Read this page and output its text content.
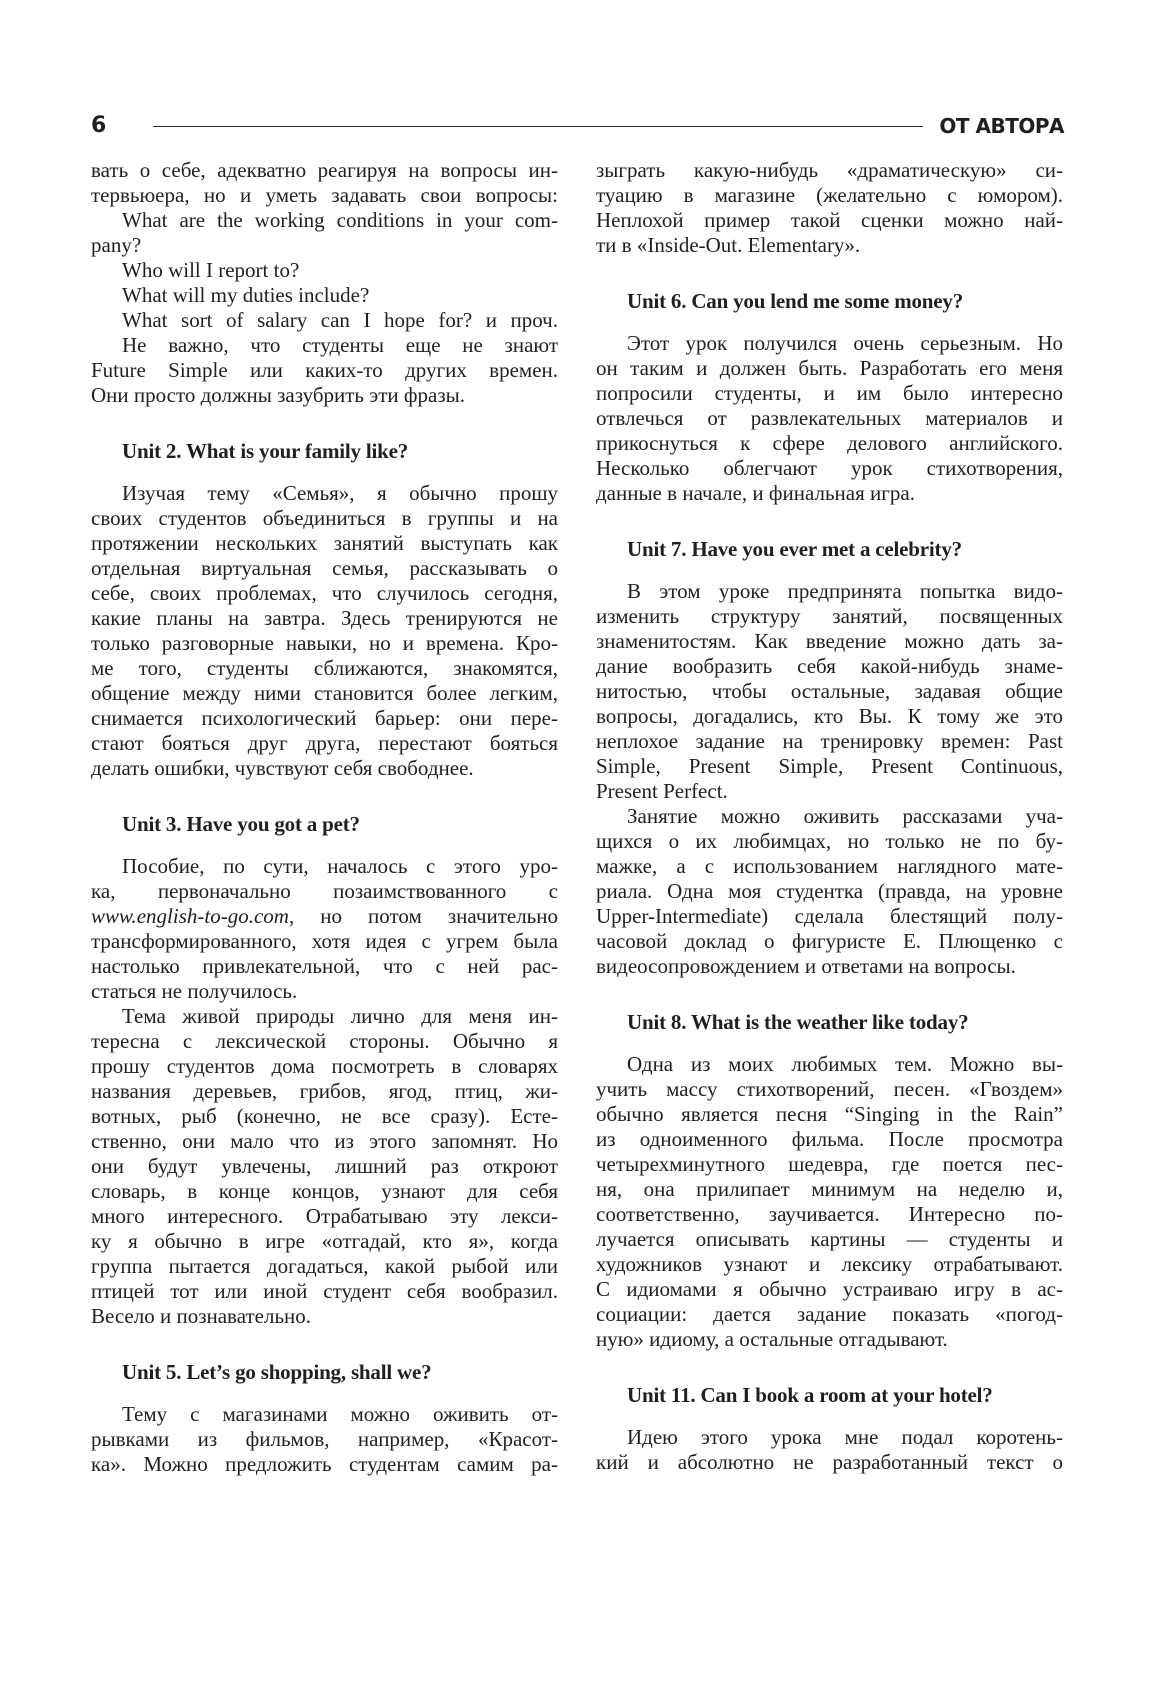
6	ОТ АВТОРА
вать о себе, адекватно реагируя на вопросы ин-
тервьюера, но и уметь задавать свои вопросы:
What are the working conditions in your com-
pany?
Who will I report to?
What will my duties include?
What sort of salary can I hope for? и проч.
Не важно, что студенты еще не знают
Future Simple или каких-то других времен.
Они просто должны зазубрить эти фразы.
Unit 2. What is your family like?
Изучая тему «Семья», я обычно прошу
своих студентов объединиться в группы и на
протяжении нескольких занятий выступать как
отдельная виртуальная семья, рассказывать о
себе, своих проблемах, что случилось сегодня,
какие планы на завтра. Здесь тренируются не
только разговорные навыки, но и времена. Кро-
ме того, студенты сближаются, знакомятся,
общение между ними становится более легким,
снимается психологический барьер: они пере-
стают бояться друг друга, перестают бояться
делать ошибки, чувствуют себя свободнее.
Unit 3. Have you got a pet?
Пособие, по сути, началось с этого уро-
ка, первоначально позаимствованного с
www.english-to-go.com, но потом значительно
трансформированного, хотя идея с угрем была
настолько привлекательной, что с ней рас-
статься не получилось.
Тема живой природы лично для меня ин-
тересна с лексической стороны. Обычно я
прошу студентов дома посмотреть в словарях
названия деревьев, грибов, ягод, птиц, жи-
вотных, рыб (конечно, не все сразу). Есте-
ственно, они мало что из этого запомнят. Но
они будут увлечены, лишний раз откроют
словарь, в конце концов, узнают для себя
много интересного. Отрабатываю эту лекси-
ку я обычно в игре «отгадай, кто я», когда
группа пытается догадаться, какой рыбой или
птицей тот или иной студент себя вообразил.
Весело и познавательно.
Unit 5. Let’s go shopping, shall we?
Тему с магазинами можно оживить от-
рывками из фильмов, например, «Красот-
ка». Можно предложить студентам самим ра-
зыграть какую-нибудь «драматическую» си-
туацию в магазине (желательно с юмором).
Неплохой пример такой сценки можно най-
ти в «Inside-Out. Elementary».
Unit 6. Can you lend me some money?
Этот урок получился очень серьезным. Но
он таким и должен быть. Разработать его меня
попросили студенты, и им было интересно
отвлечься от развлекательных материалов и
прикоснуться к сфере делового английского.
Несколько облегчают урок стихотворения,
данные в начале, и финальная игра.
Unit 7. Have you ever met a celebrity?
В этом уроке предпринята попытка видо-
изменить структуру занятий, посвященных
знаменитостям. Как введение можно дать за-
дание вообразить себя какой-нибудь знаме-
нитостью, чтобы остальные, задавая общие
вопросы, догадались, кто Вы. К тому же это
неплохое задание на тренировку времен: Past
Simple, Present Simple, Present Continuous,
Present Perfect.
Занятие можно оживить рассказами уча-
щихся о их любимцах, но только не по бу-
мажке, а с использованием наглядного мате-
риала. Одна моя студентка (правда, на уровне
Upper-Intermediate) сделала блестящий полу-
часовой доклад о фигуристе Е. Плющенко с
видеосопровождением и ответами на вопросы.
Unit 8. What is the weather like today?
Одна из моих любимых тем. Можно вы-
учить массу стихотворений, песен. «Гвоздем»
обычно является песня “Singing in the Rain”
из одноименного фильма. После просмотра
четырехминутного шедевра, где поется пес-
ня, она прилипает минимум на неделю и,
соответственно, заучивается. Интересно по-
лучается описывать картины — студенты и
художников узнают и лексику отрабатывают.
С идиомами я обычно устраиваю игру в ас-
социации: дается задание показать «погод-
ную» идиому, а остальные отгадывают.
Unit 11. Can I book a room at your hotel?
Идею этого урока мне подал коротень-
кий и абсолютно не разработанный текст о
